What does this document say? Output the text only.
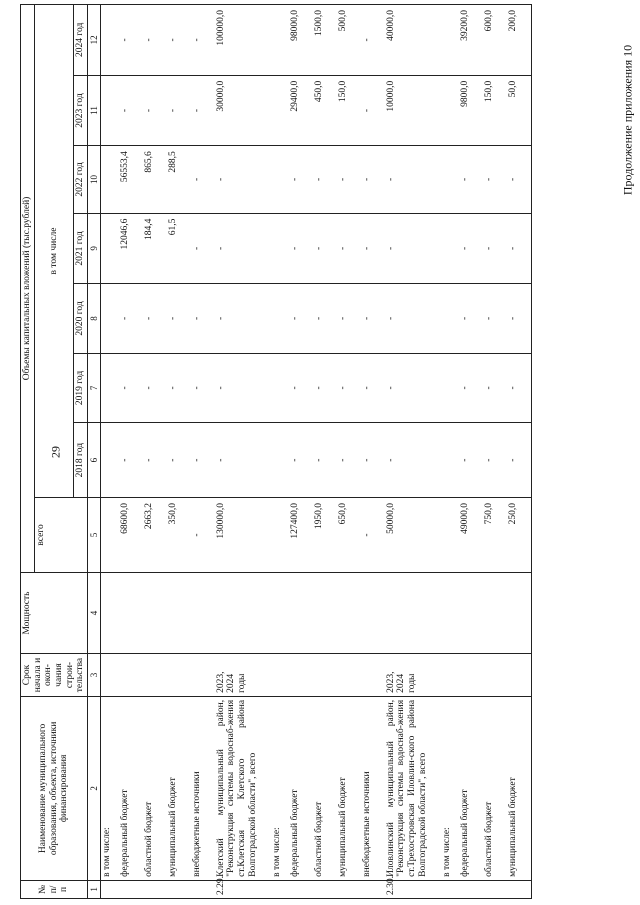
29
Продолжение приложения 10
№ п/п	Наименование муниципального образования, объекта, источники финансирования	Срок начала и окон-чания строи-тельства	Мощность	Объемы капитальных вложений (тыс.рублей)							
				всего	в том числе						
					2018 год	2019 год	2020 год	2021 год	2022 год	2023 год	2024 год
1	2	3	4	5	6	7	8	9	10	11	12
	в том числе:										
	федеральный бюджет			68600,0	-	-	-	12046,6	56553,4	-	-
	областной бюджет			2663,2	-	-	-	184,4	865,6	-	-
	муниципальный бюджет			350,0	-	-	-	61,5	288,5	-	-
	внебюджетные источники			-	-	-	-	-	-	-	-
2.29.	Клетский муниципальный район, "Реконструкция системы водоснаб-жения ст.Клетская Клетского района Волгоградской области", всего	2023, 2024 годы		130000,0	-	-	-	-	-	30000,0	100000,0
	в том числе:										
	федеральный бюджет			127400,0	-	-	-	-	-	29400,0	98000,0
	областной бюджет			1950,0	-	-	-	-	-	450,0	1500,0
	муниципальный бюджет			650,0	-	-	-	-	-	150,0	500,0
	внебюджетные источники			-	-	-	-	-	-	-	-
2.30.	Иловлинский муниципальный район, "Реконструкция системы водоснаб-жения ст.Трехостровская Иловлин-ского района Волгоградской области", всего	2023, 2024 годы		50000,0	-	-	-	-	-	10000,0	40000,0
	в том числе:										
	федеральный бюджет			49000,0	-	-	-	-	-	9800,0	39200,0
	областной бюджет			750,0	-	-	-	-	-	150,0	600,0
	муниципальный бюджет			250,0	-	-	-	-	-	50,0	200,0
